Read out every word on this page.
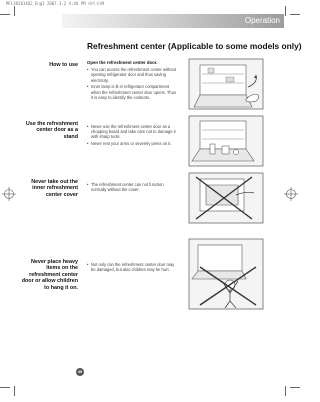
MFL38281402_Eng1 2007.3.2 4:48 PM 페이지49
Operation
Refreshment center (Applicable to some models only)
How to use
Use the refreshment center door as a stand
Never take out the inner refreshment center cover
Never place heavy items on the refreshment center door or allow children to hang it on.
Open the refreshment center door.
• You can access the refreshment center without opening refrigerator door and thus saving electricity.
• Inner lamp is lit in refrigerator compartment when the refreshment center door opens. Thus it is easy to identify the contents.
• Never use the refreshment center door as a chopping board and take care not to damage it with sharp tools.
• Never rest your arms or severely press on it.
• The refreshment center can not function normally without the cover.
• Not only can the refreshment center door may be damaged, but also children may be hurt.
49
